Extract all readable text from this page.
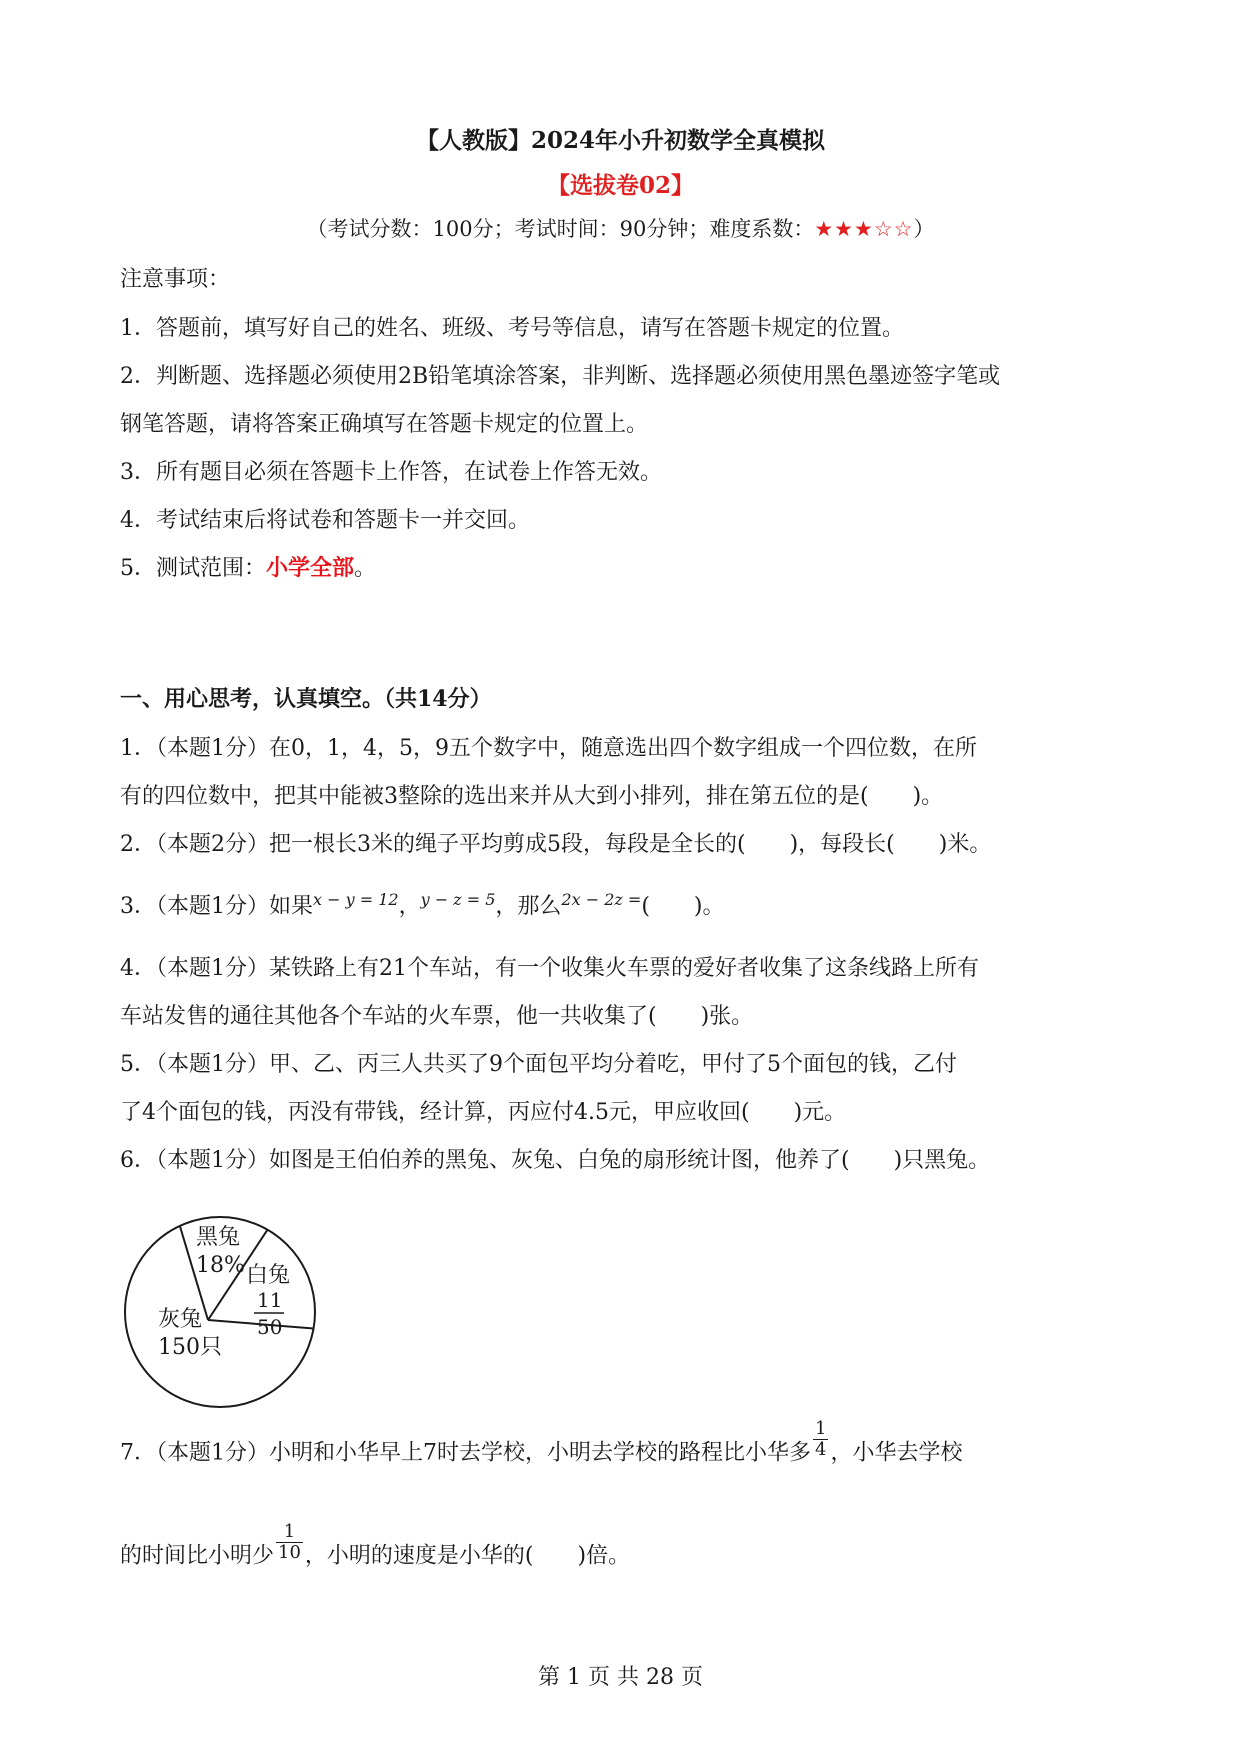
【人教版】2024年小升初数学全真模拟
【选拔卷02】
（考试分数：100分；考试时间：90分钟；难度系数：★★★☆☆）
注意事项：
1．答题前，填写好自己的姓名、班级、考号等信息，请写在答题卡规定的位置。
2．判断题、选择题必须使用2B铅笔填涂答案，非判断、选择题必须使用黑色墨迹签字笔或
钢笔答题，请将答案正确填写在答题卡规定的位置上。
3．所有题目必须在答题卡上作答，在试卷上作答无效。
4．考试结束后将试卷和答题卡一并交回。
5．测试范围：小学全部。
一、用心思考，认真填空。（共14分）
1．（本题1分）在0，1，4，5，9五个数字中，随意选出四个数字组成一个四位数，在所
有的四位数中，把其中能被3整除的选出来并从大到小排列，排在第五位的是(　　)。
2．（本题2分）把一根长3米的绳子平均剪成5段，每段是全长的(　　)，每段长(　　)米。
3．（本题1分）如果$^{x - y = 12}$，$^{y - z = 5}$，那么$^{2x - 2z =}$(　　)。
4．（本题1分）某铁路上有21个车站，有一个收集火车票的爱好者收集了这条线路上所有
车站发售的通往其他各个车站的火车票，他一共收集了(　　)张。
5．（本题1分）甲、乙、丙三人共买了9个面包平均分着吃，甲付了5个面包的钱，乙付
了4个面包的钱，丙没有带钱，经计算，丙应付4.5元，甲应收回(　　)元。
6．（本题1分）如图是王伯伯养的黑兔、灰兔、白兔的扇形统计图，他养了(　　)只黑兔。
黑兔
18% 白兔
11
50
灰兔
150只
7．（本题1分）小明和小华早上7时去学校，小明去学校的路程比小华多 $\frac{1}{4}$ ，小华去学校
的时间比小明少 $\frac{1}{10}$ ，小明的速度是小华的(　　)倍。
第 1 页 共 28 页
